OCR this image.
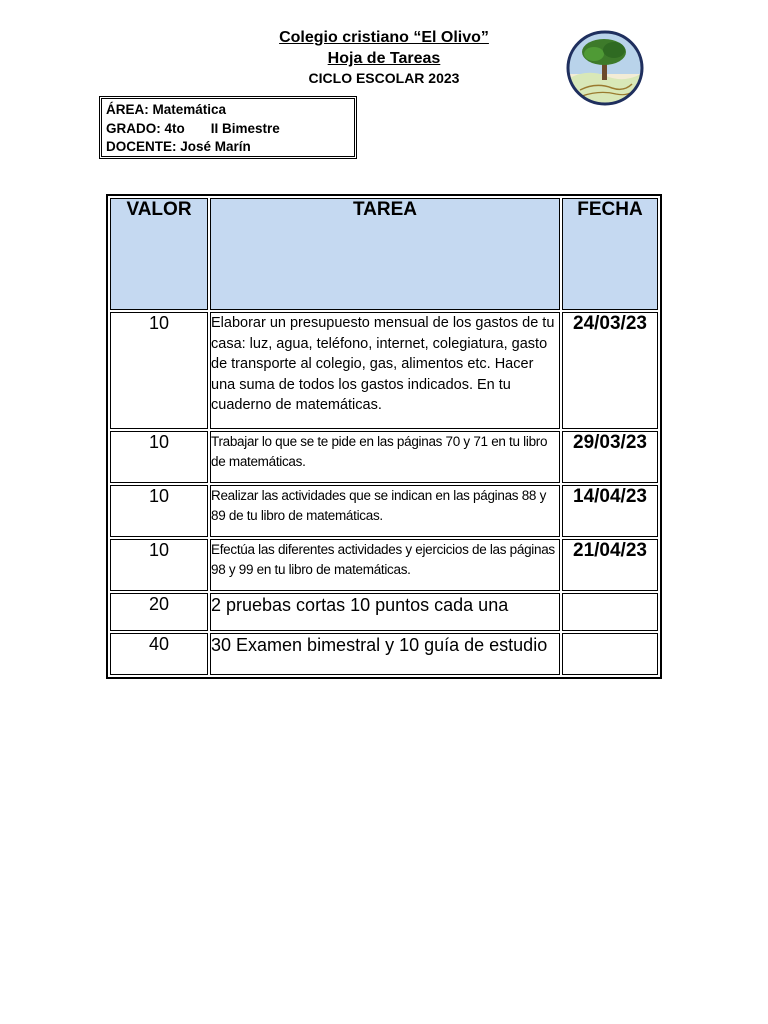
Colegio cristiano “El Olivo”
Hoja de Tareas
CICLO ESCOLAR 2023
ÁREA: Matemática
GRADO: 4to II Bimestre
DOCENTE: José Marín
VALOR	TAREA	FECHA
10	Elaborar un presupuesto mensual de los gastos de tu casa: luz, agua, teléfono, internet, colegiatura, gasto de transporte al colegio, gas, alimentos etc. Hacer una suma de todos los gastos indicados. En tu cuaderno de matemáticas.	24/03/23
10	Trabajar lo que se te pide en las páginas 70 y 71 en tu libro de matemáticas.	29/03/23
10	Realizar las actividades que se indican en las páginas 88 y 89 de tu libro de matemáticas.	14/04/23
10	Efectúa las diferentes actividades y ejercicios de las páginas 98 y 99 en tu libro de matemáticas.	21/04/23
20	2 pruebas cortas 10 puntos cada una	
40	30 Examen bimestral y 10 guía de estudio	
